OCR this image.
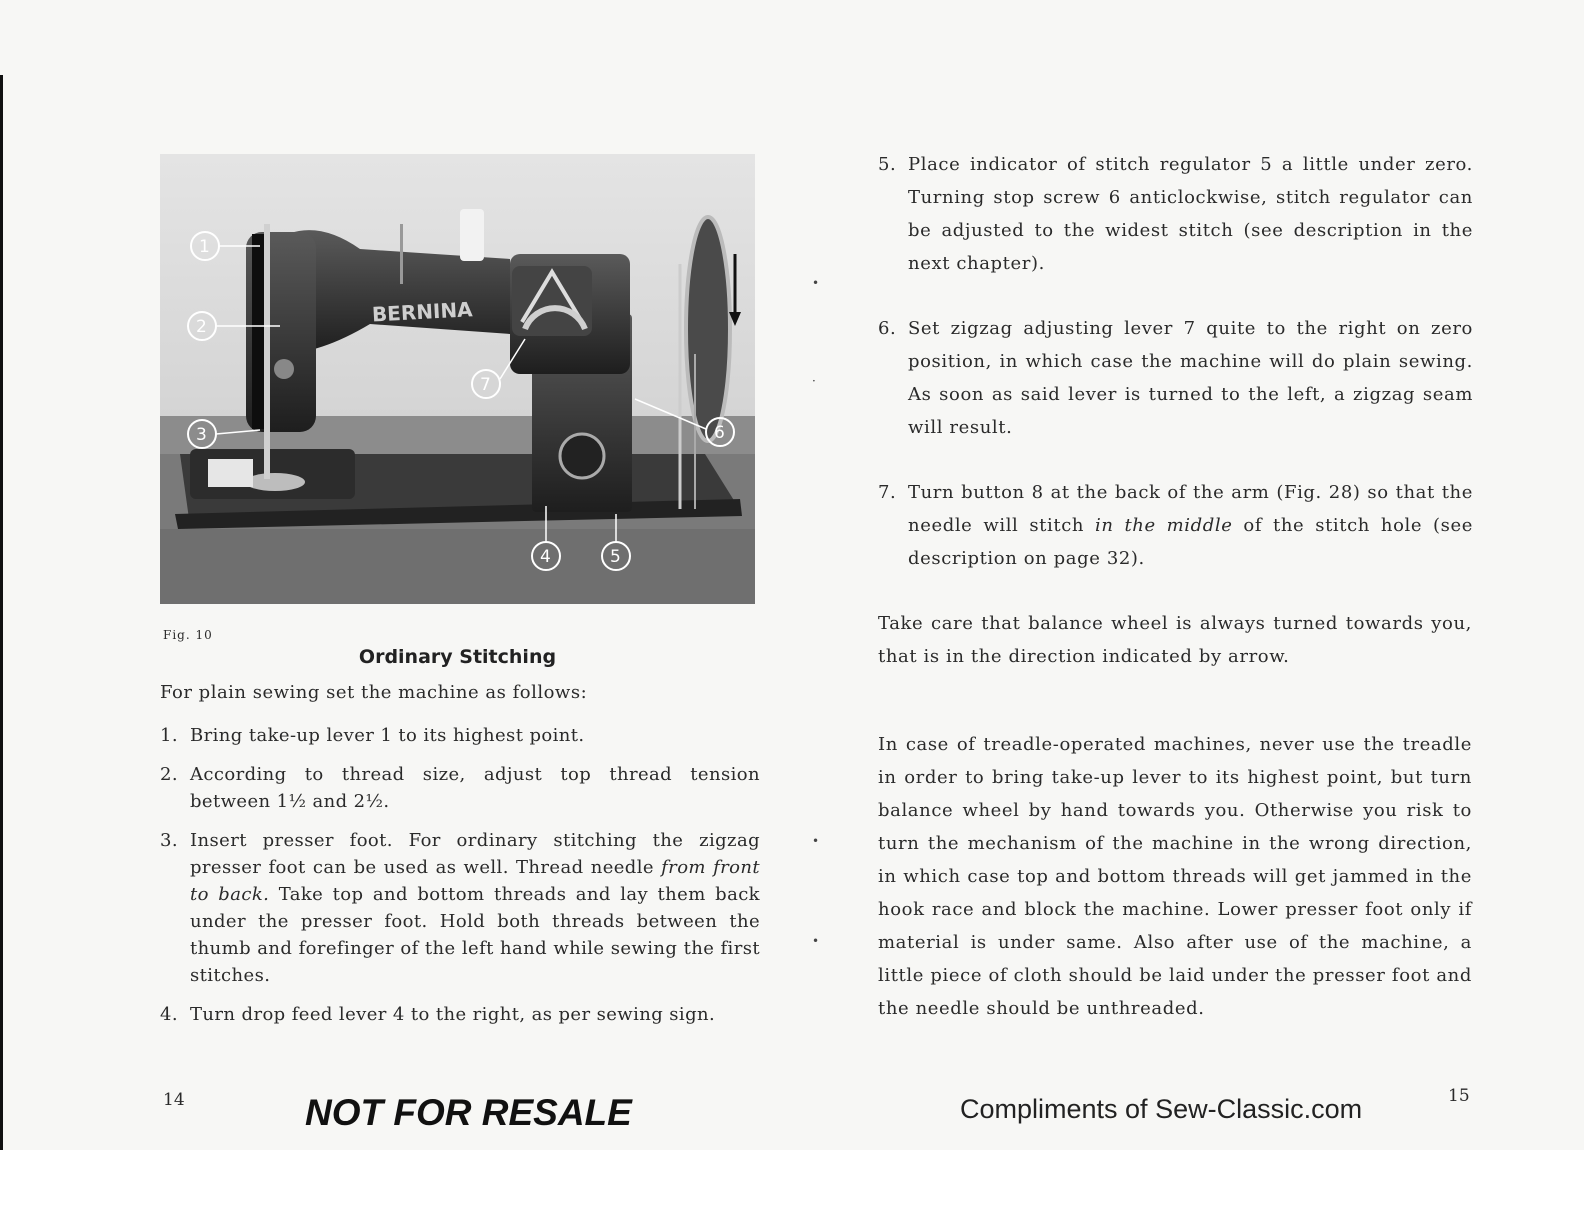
BERNINA
1
2
3
7
6
4	5
Fig. 10
Ordinary Stitching
For plain sewing set the machine as follows:
1. Bring take-up lever 1 to its highest point.
2. According to thread size, adjust top thread tension between 1½ and 2½.
3. Insert presser foot. For ordinary stitching the zigzag presser foot can be used as well. Thread needle from front to back. Take top and bottom threads and lay them back under the presser foot. Hold both threads between the thumb and forefinger of the left hand while sewing the first stitches.
4. Turn drop feed lever 4 to the right, as per sewing sign.
14	NOT FOR RESALE
•
·
•
•
5. Place indicator of stitch regulator 5 a little under zero. Turning stop screw 6 anticlockwise, stitch regulator can be adjusted to the widest stitch (see description in the next chapter).
6. Set zigzag adjusting lever 7 quite to the right on zero position, in which case the machine will do plain sewing. As soon as said lever is turned to the left, a zigzag seam will result.
7. Turn button 8 at the back of the arm (Fig. 28) so that the needle will stitch in the middle of the stitch hole (see description on page 32).
Take care that balance wheel is always turned towards you, that is in the direction indicated by arrow.
In case of treadle-operated machines, never use the treadle in order to bring take-up lever to its highest point, but turn balance wheel by hand towards you. Otherwise you risk to turn the mechanism of the machine in the wrong direction, in which case top and bottom threads will get jammed in the hook race and block the machine. Lower presser foot only if material is under same. Also after use of the machine, a little piece of cloth should be laid under the presser foot and the needle should be unthreaded.
Compliments of Sew-Classic.com	15
